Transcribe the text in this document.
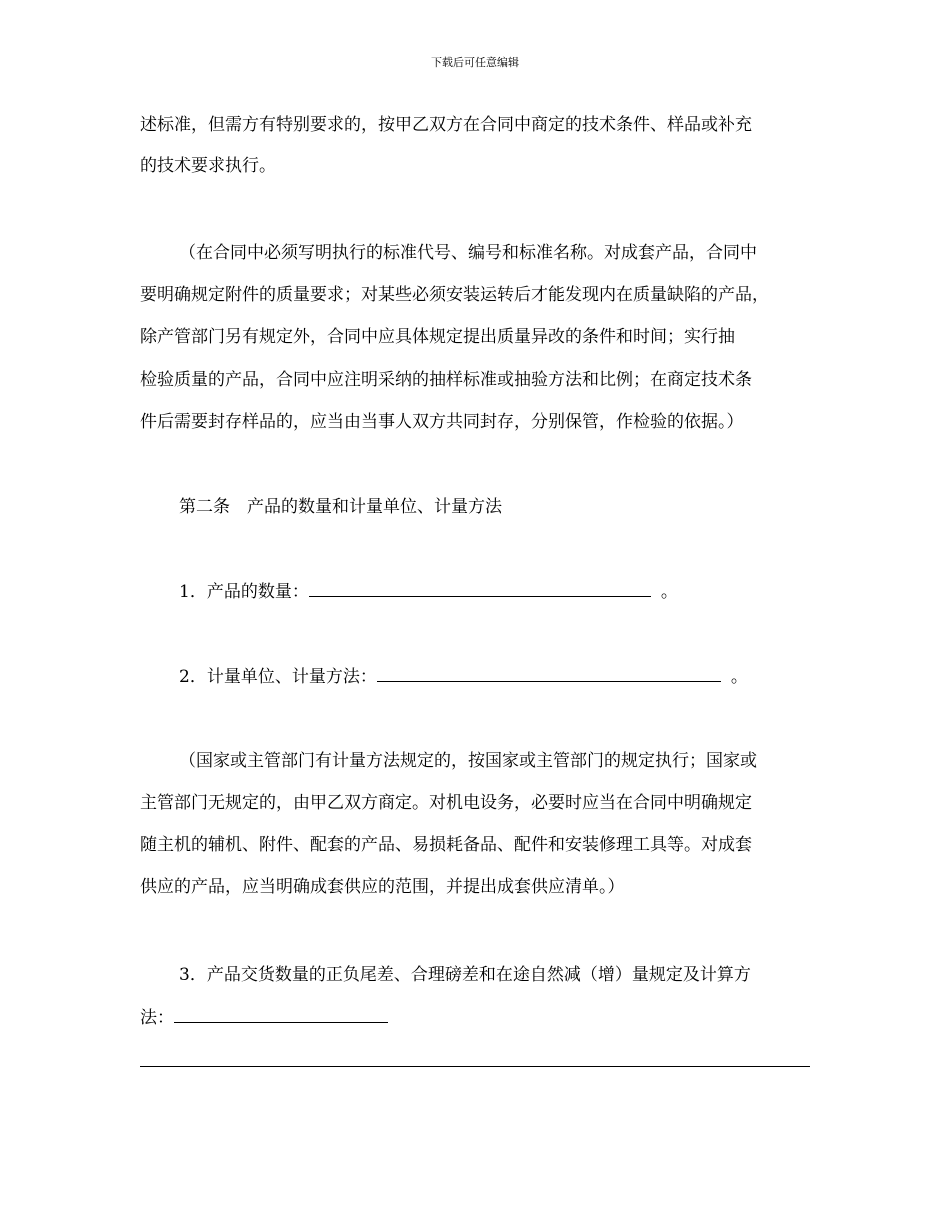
下载后可任意编辑
述标准，但需方有特别要求的，按甲乙双方在合同中商定的技术条件、样品或补充
的技术要求执行。
（在合同中必须写明执行的标准代号、编号和标准名称。对成套产品，合同中
要明确规定附件的质量要求；对某些必须安装运转后才能发现内在质量缺陷的产品，
除产管部门另有规定外，合同中应具体规定提出质量异改的条件和时间；实行抽
检验质量的产品，合同中应注明采纳的抽样标准或抽验方法和比例；在商定技术条
件后需要封存样品的，应当由当事人双方共同封存，分别保管，作检验的依据。）
第二条　产品的数量和计量单位、计量方法
1．产品的数量：	。
2．计量单位、计量方法：	。
（国家或主管部门有计量方法规定的，按国家或主管部门的规定执行；国家或
主管部门无规定的，由甲乙双方商定。对机电设务，必要时应当在合同中明确规定
随主机的辅机、附件、配套的产品、易损耗备品、配件和安装修理工具等。对成套
供应的产品，应当明确成套供应的范围，并提出成套供应清单。）
3．产品交货数量的正负尾差、合理磅差和在途自然减（增）量规定及计算方
法：
